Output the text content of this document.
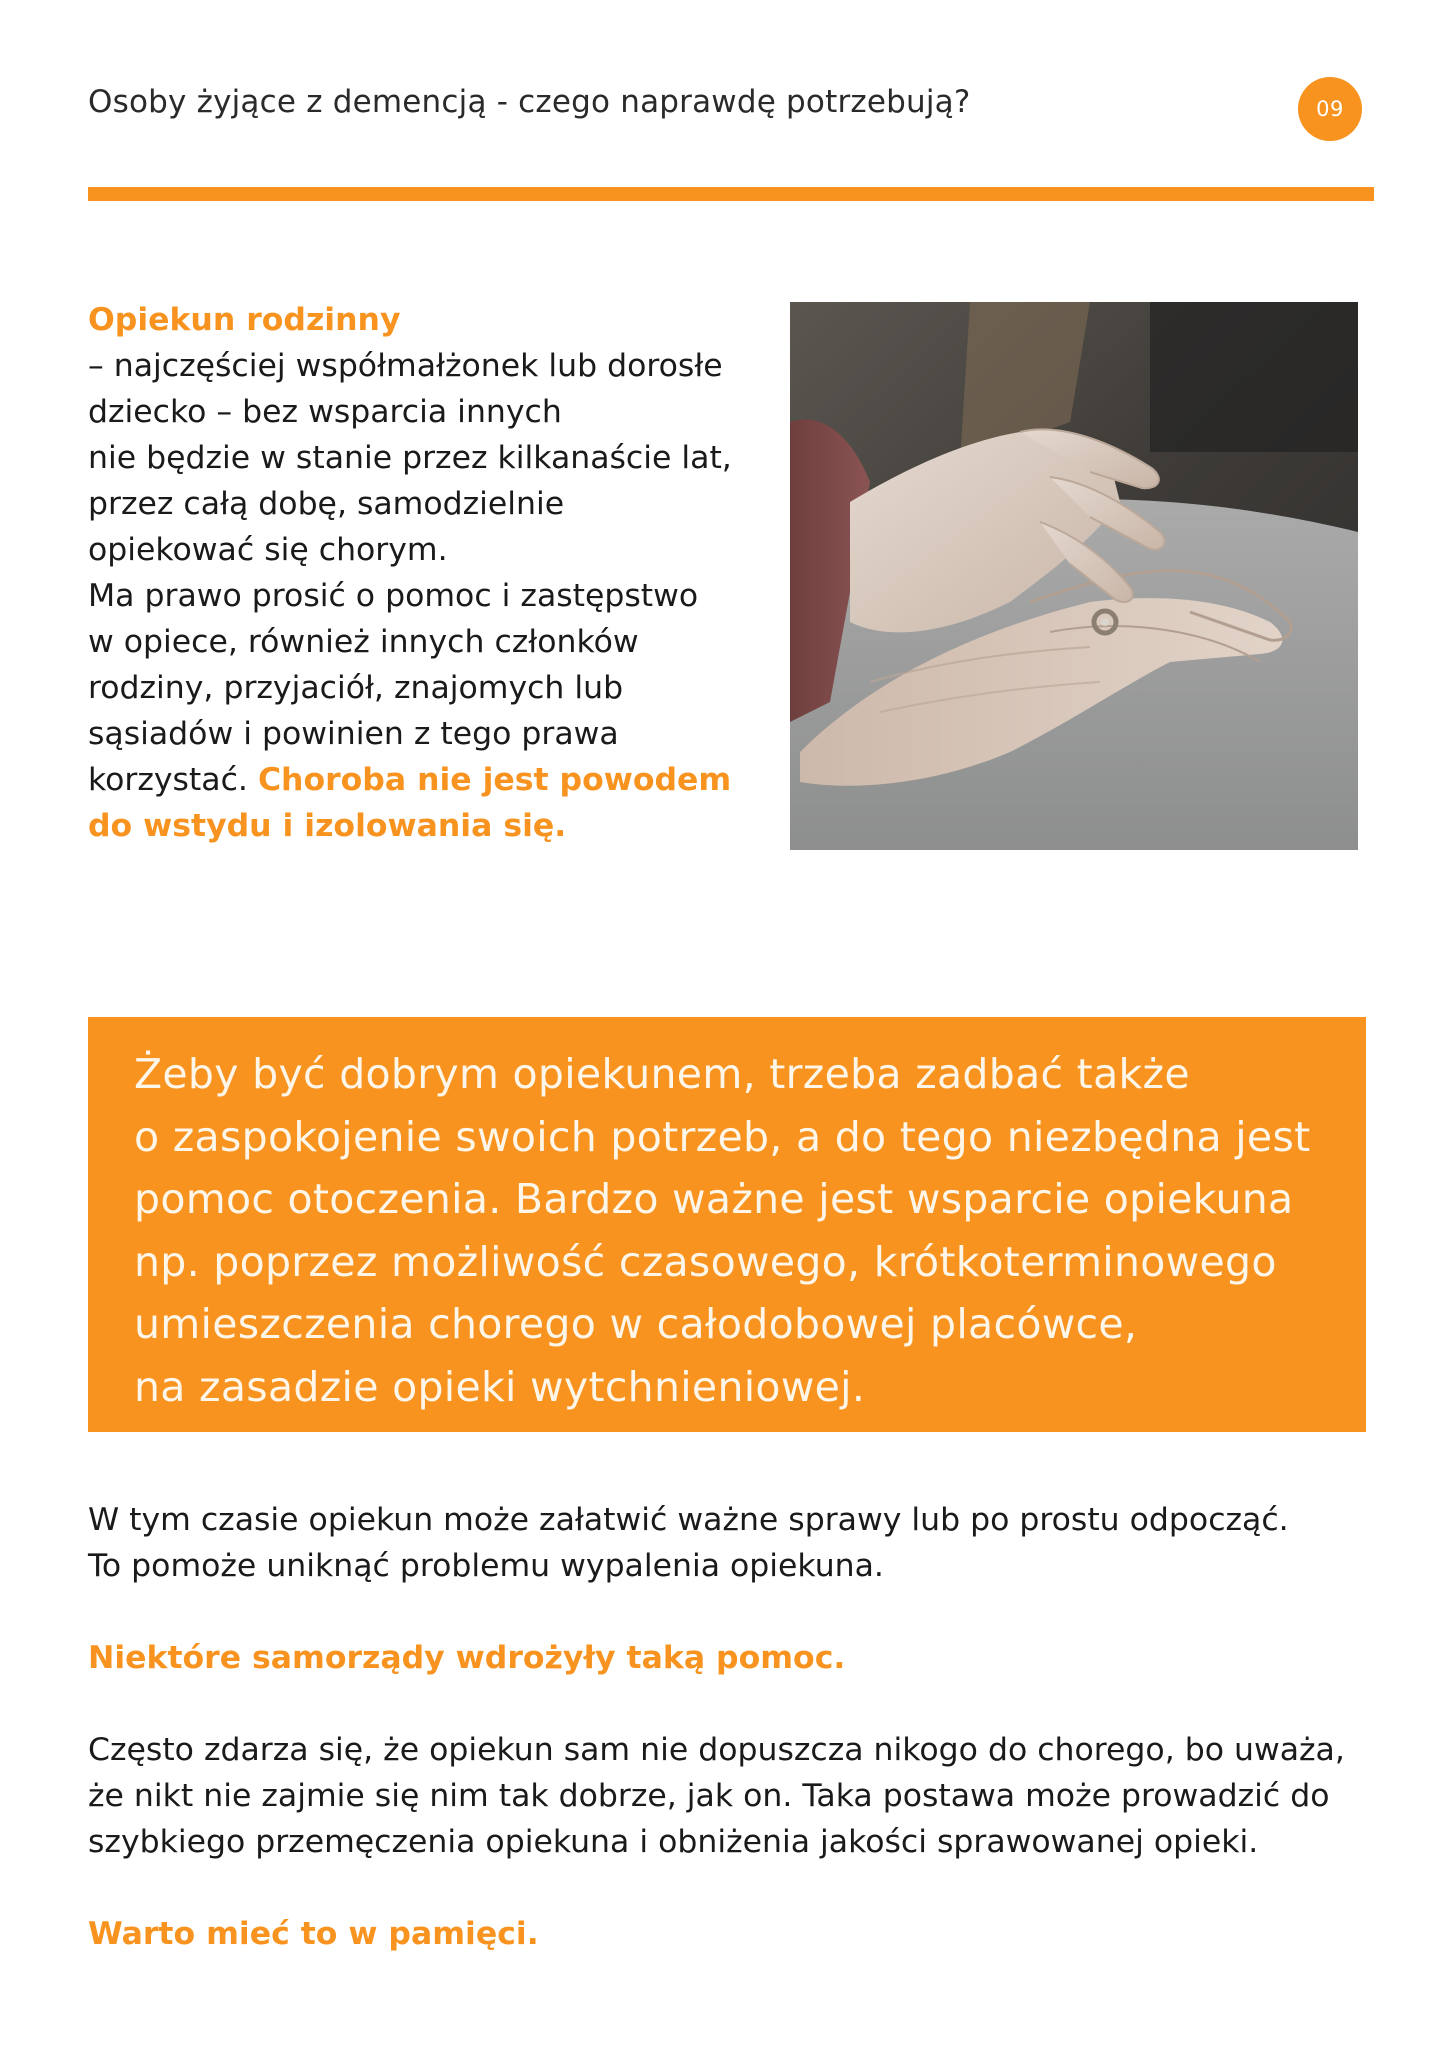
Osoby żyjące z demencją - czego naprawdę potrzebują?	09
Opiekun rodzinny
– najczęściej współmałżonek lub dorosłe
dziecko – bez wsparcia innych
nie będzie w stanie przez kilkanaście lat,
przez całą dobę, samodzielnie
opiekować się chorym.
Ma prawo prosić o pomoc i zastępstwo
w opiece, również innych członków
rodziny, przyjaciół, znajomych lub
sąsiadów i powinien z tego prawa
korzystać. Choroba nie jest powodem
do wstydu i izolowania się.
Żeby być dobrym opiekunem, trzeba zadbać także
o zaspokojenie swoich potrzeb, a do tego niezbędna jest
pomoc otoczenia. Bardzo ważne jest wsparcie opiekuna
np. poprzez możliwość czasowego, krótkoterminowego
umieszczenia chorego w całodobowej placówce,
na zasadzie opieki wytchnieniowej.
W tym czasie opiekun może załatwić ważne sprawy lub po prostu odpocząć.
To pomoże uniknąć problemu wypalenia opiekuna.
Niektóre samorządy wdrożyły taką pomoc.
Często zdarza się, że opiekun sam nie dopuszcza nikogo do chorego, bo uważa,
że nikt nie zajmie się nim tak dobrze, jak on. Taka postawa może prowadzić do
szybkiego przemęczenia opiekuna i obniżenia jakości sprawowanej opieki.
Warto mieć to w pamięci.
